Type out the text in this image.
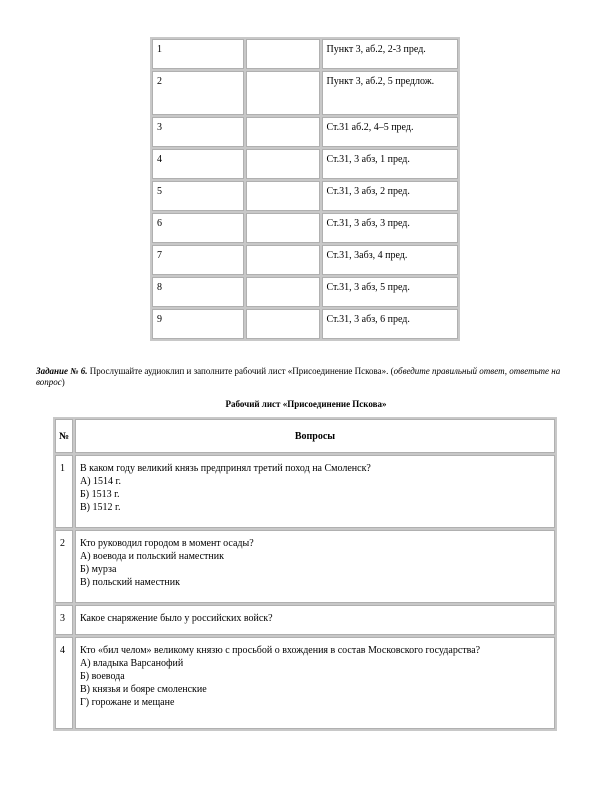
1		Пункт 3, аб.2, 2-3 пред.
2		Пункт 3, аб.2, 5 предлож.
3		Ст.31 аб.2, 4–5 пред.
4		Ст.31, 3 абз, 1 пред.
5		Ст.31, 3 абз, 2 пред.
6		Ст.31, 3 абз, 3 пред.
7		Ст.31, 3абз, 4 пред.
8		Ст.31, 3 абз, 5 пред.
9		Ст.31, 3 абз, 6 пред.
Задание № 6. Прослушайте аудиоклип и заполните рабочий лист «Присоединение Пскова». (обведите правильный ответ, ответьте на вопрос)
Рабочий лист «Присоединение Пскова»
№	Вопросы
1	В каком году великий князь предпринял третий поход на Смоленск?
А) 1514 г.
Б) 1513 г.
В) 1512 г.

2	Кто руководил городом в момент осады?
А) воевода и польский наместник
Б) мурза
В) польский наместник

3	Какое снаряжение было у российских войск?

4	Кто «бил челом» великому князю с просьбой о вхождения в состав Московского государства?
А) владыка Варсанофий
Б) воевода
В) князья и бояре смоленские
Г) горожане и мещане
